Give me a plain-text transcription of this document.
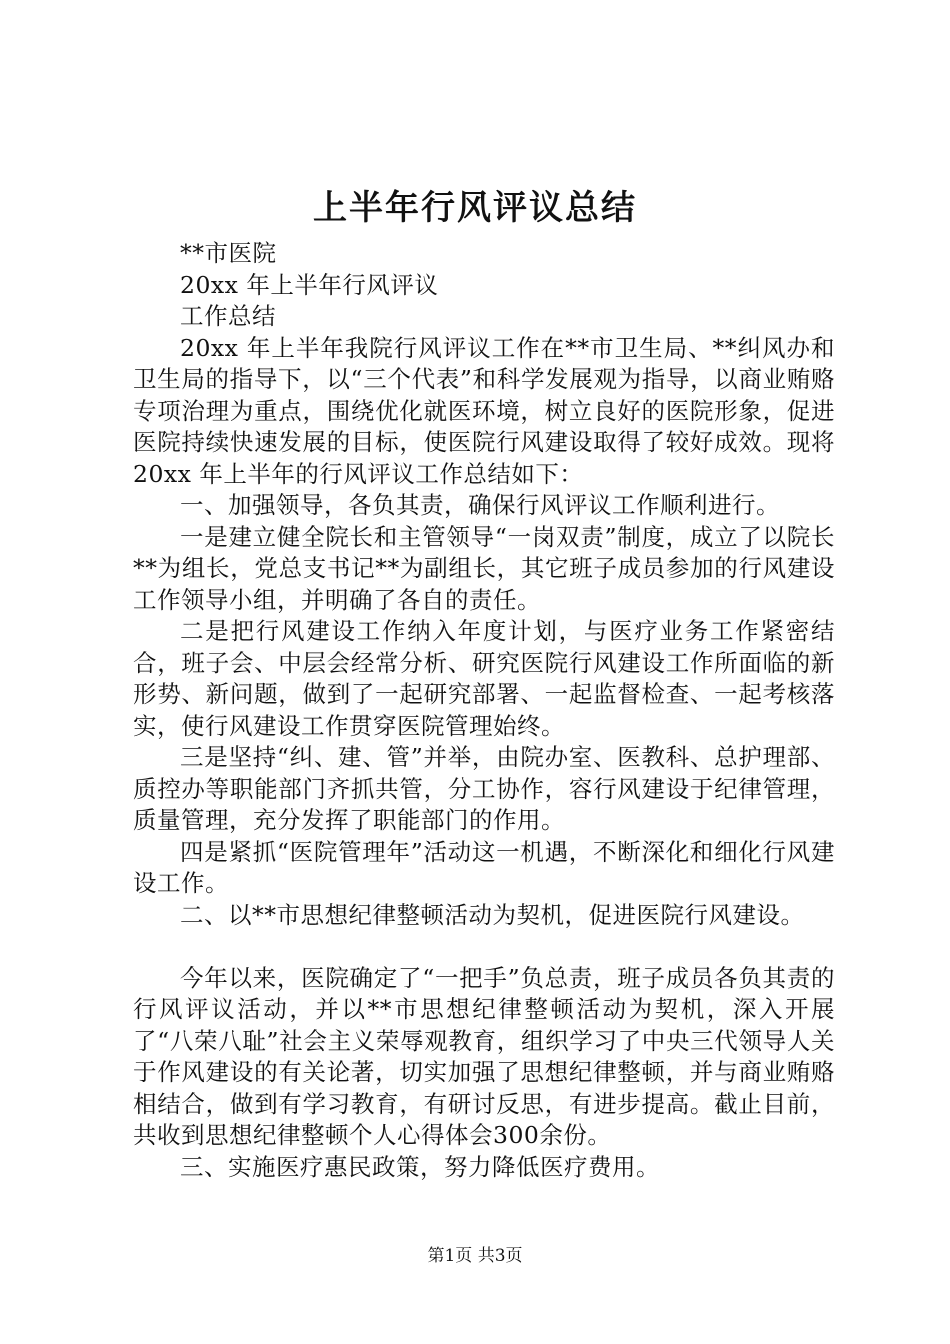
上半年行风评议总结

**市医院

20xx 年上半年行风评议

工作总结

20xx 年上半年我院行风评议工作在**市卫生局、**纠风办和卫生局的指导下，以“三个代表”和科学发展观为指导，以商业贿赂专项治理为重点，围绕优化就医环境，树立良好的医院形象，促进医院持续快速发展的目标，使医院行风建设取得了较好成效。现将20xx 年上半年的行风评议工作总结如下：

一、加强领导，各负其责，确保行风评议工作顺利进行。

一是建立健全院长和主管领导“一岗双责”制度，成立了以院长**为组长，党总支书记**为副组长，其它班子成员参加的行风建设工作领导小组，并明确了各自的责任。

二是把行风建设工作纳入年度计划，与医疗业务工作紧密结合，班子会、中层会经常分析、研究医院行风建设工作所面临的新形势、新问题，做到了一起研究部署、一起监督检查、一起考核落实，使行风建设工作贯穿医院管理始终。

三是坚持“纠、建、管”并举，由院办室、医教科、总护理部、质控办等职能部门齐抓共管，分工协作，容行风建设于纪律管理，质量管理，充分发挥了职能部门的作用。

四是紧抓“医院管理年”活动这一机遇，不断深化和细化行风建设工作。

二、以**市思想纪律整顿活动为契机，促进医院行风建设。

今年以来，医院确定了“一把手”负总责，班子成员各负其责的行风评议活动，并以**市思想纪律整顿活动为契机，深入开展了“八荣八耻”社会主义荣辱观教育，组织学习了中央三代领导人关于作风建设的有关论著，切实加强了思想纪律整顿，并与商业贿赂相结合，做到有学习教育，有研讨反思，有进步提高。截止目前，共收到思想纪律整顿个人心得体会300余份。

三、实施医疗惠民政策，努力降低医疗费用。

第1页 共3页
